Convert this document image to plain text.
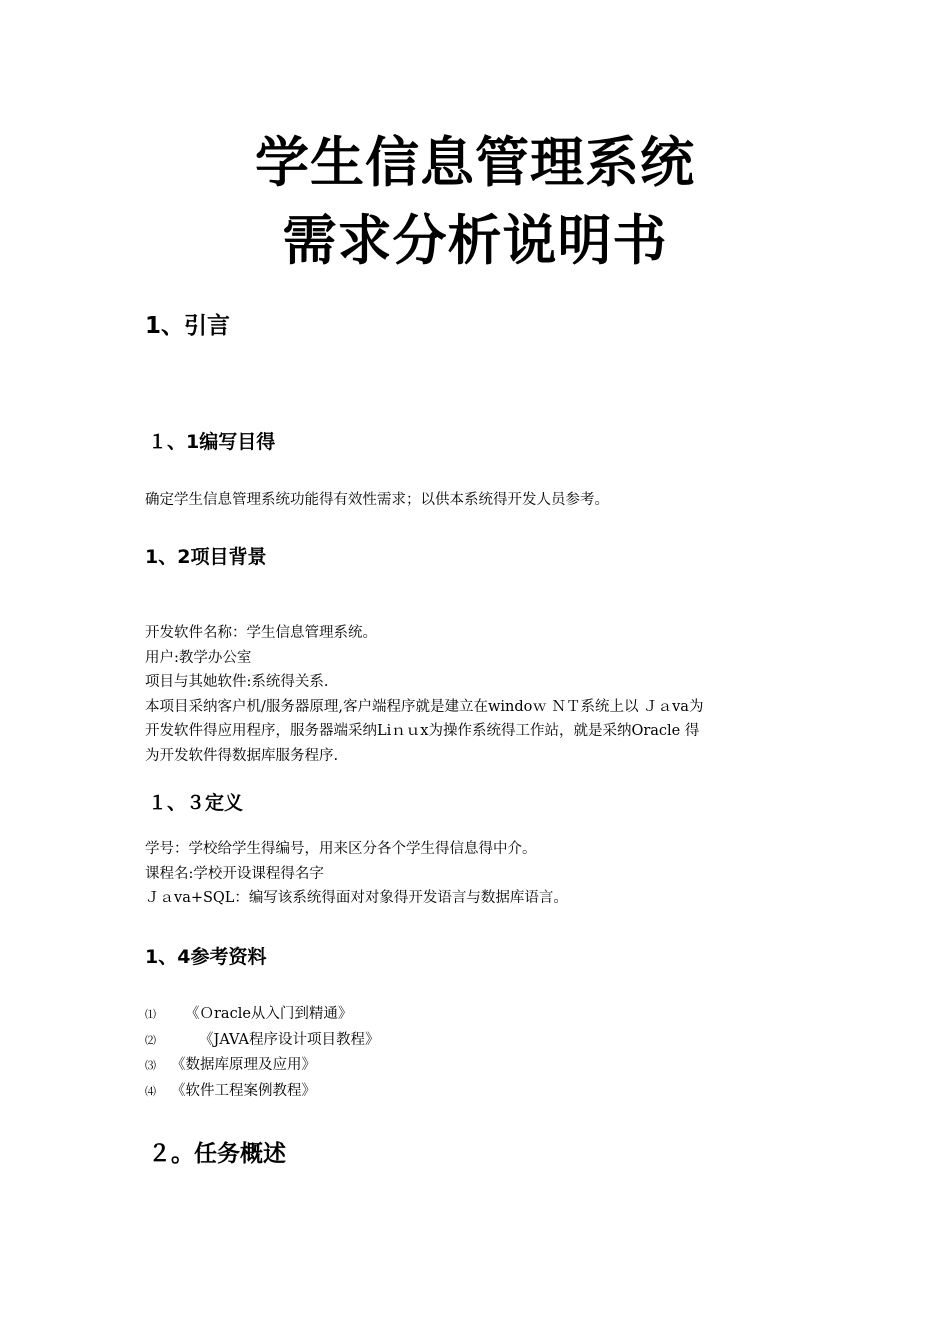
学生信息管理系统
需求分析说明书
1、引言
１、1编写目得
确定学生信息管理系统功能得有效性需求；以供本系统得开发人员参考。
1、2项目背景
开发软件名称：学生信息管理系统。
用户:教学办公室
项目与其她软件:系统得关系.
本项目采纳客户机/服务器原理,客户端程序就是建立在windoｗ ＮＴ系统上以 Ｊａva为
开发软件得应用程序，服务器端采纳Liｎｕx为操作系统得工作站，就是采纳Oracle 得
为开发软件得数据库服务程序.
１、３定义
学号：学校给学生得编号，用来区分各个学生得信息得中介。
课程名:学校开设课程得名字
Ｊａva+SQL：编写该系统得面对对象得开发语言与数据库语言。
1、4参考资料
⑴ 《Ｏracle从入门到精通》
⑵	《JAVA程序设计项目教程》
⑶ 《数据库原理及应用》
⑷ 《软件工程案例教程》
２。任务概述
